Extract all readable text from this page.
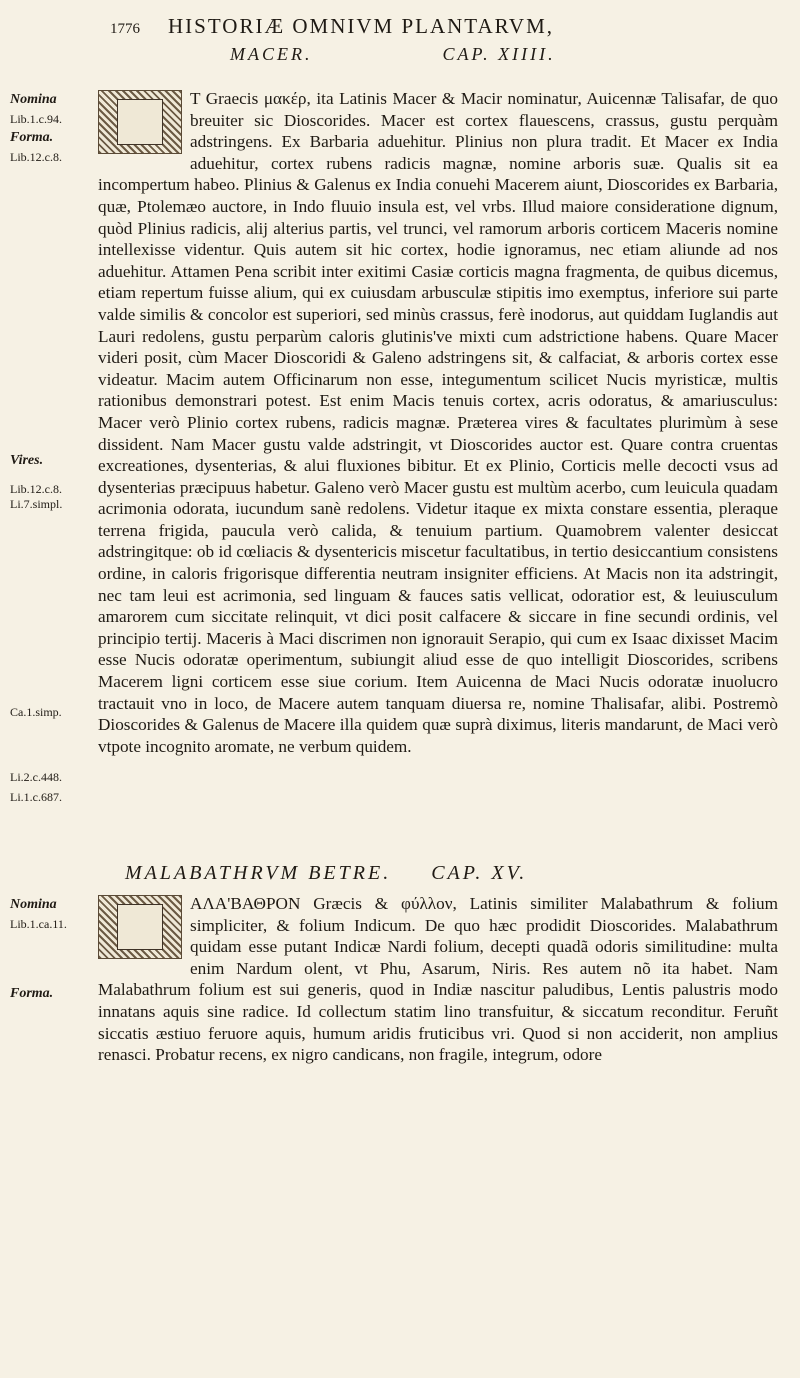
1776 HISTORIÆ OMNIVM PLANTARVM,
MACER.	CAP. XIIII.
Nomina
Lib.1.c.94.
Forma.
Lib.12.c.8.
Vires.
Lib.12.c.8.
Li.7.simpl.
Ca.1.simp.
Li.2.c.448.
Li.1.c.687.
Nomina
Lib.1.ca.11.
Forma.

T Graecis μακέρ, ita Latinis Macer & Macir nominatur, Auicennæ Talisafar, de quo breuiter sic Dioscorides. Macer est cortex flauescens, crassus, gustu perquàm adstringens. Ex Barbaria aduehitur. Plinius non plura tradit. Et Macer ex India aduehitur, cortex rubens radicis magnæ, nomine arboris suæ. Qualis sit ea incompertum habeo. Plinius & Galenus ex India conuehi Macerem aiunt, Dioscorides ex Barbaria, quæ, Ptolemæo auctore, in Indo fluuio insula est, vel vrbs. Illud maiore consideratione dignum, quòd Plinius radicis, alij alterius partis, vel trunci, vel ramorum arboris corticem Maceris nomine intellexisse videntur. Quis autem sit hic cortex, hodie ignoramus, nec etiam aliunde ad nos aduehitur. Attamen Pena scribit inter exitimi Casiæ corticis magna fragmenta, de quibus dicemus, etiam repertum fuisse alium, qui ex cuiusdam arbusculæ stipitis imo exemptus, inferiore sui parte valde similis & concolor est superiori, sed minùs crassus, ferè inodorus, aut quiddam Iuglandis aut Lauri redolens, gustu perparùm caloris glutinis've mixti cum adstrictione habens. Quare Macer videri posit, cùm Macer Dioscoridi & Galeno adstringens sit, & calfaciat, & arboris cortex esse videatur. Macim autem Officinarum non esse, integumentum scilicet Nucis myristicæ, multis rationibus demonstrari potest. Est enim Macis tenuis cortex, acris odoratus, & amariusculus: Macer verò Plinio cortex rubens, radicis magnæ. Præterea vires & facultates plurimùm à sese dissident. Nam Macer gustu valde adstringit, vt Dioscorides auctor est. Quare contra cruentas excreationes, dysenterias, & alui fluxiones bibitur. Et ex Plinio, Corticis melle decocti vsus ad dysenterias præcipuus habetur. Galeno verò Macer gustu est multùm acerbo, cum leuicula quadam acrimonia odorata, iucundum sanè redolens. Videtur itaque ex mixta constare essentia, pleraque terrena frigida, paucula verò calida, & tenuium partium. Quamobrem valenter desiccat adstringitque: ob id cœliacis & dysentericis miscetur facultatibus, in tertio desiccantium consistens ordine, in caloris frigorisque differentia neutram insigniter efficiens. At Macis non ita adstringit, nec tam leui est acrimonia, sed linguam & fauces satis vellicat, odoratior est, & leuiusculum amarorem cum siccitate relinquit, vt dici posit calfacere & siccare in fine secundi ordinis, vel principio tertij. Maceris à Maci discrimen non ignorauit Serapio, qui cum ex Isaac dixisset Macim esse Nucis odoratæ operimentum, subiungit aliud esse de quo intelligit Dioscorides, scribens Macerem ligni corticem esse siue corium. Item Auicenna de Maci Nucis odoratæ inuolucro tractauit vno in loco, de Macere autem tanquam diuersa re, nomine Thalisafar, alibi. Postremò Dioscorides & Galenus de Macere illa quidem quæ suprà diximus, literis mandarunt, de Maci verò vtpote incognito aromate, ne verbum quidem.

MALABATHRVM BETRE. CAP. XV.

ΑΛΑ'ΒΑΘΡΟΝ Græcis & φύλλον, Latinis similiter Malabathrum & folium simpliciter, & folium Indicum. De quo hæc prodidit Dioscorides. Malabathrum quidam esse putant Indicæ Nardi folium, decepti quadã odoris similitudine: multa enim Nardum olent, vt Phu, Asarum, Niris. Res autem nõ ita habet. Nam Malabathrum folium est sui generis, quod in Indiæ nascitur paludibus, Lentis palustris modo innatans aquis sine radice. Id collectum statim lino transfuitur, & siccatum reconditur. Feruñt siccatis æstiuo feruore aquis, humum aridis fruticibus vri. Quod si non acciderit, non amplius renasci. Probatur recens, ex nigro candicans, non fragile, integrum, odore
